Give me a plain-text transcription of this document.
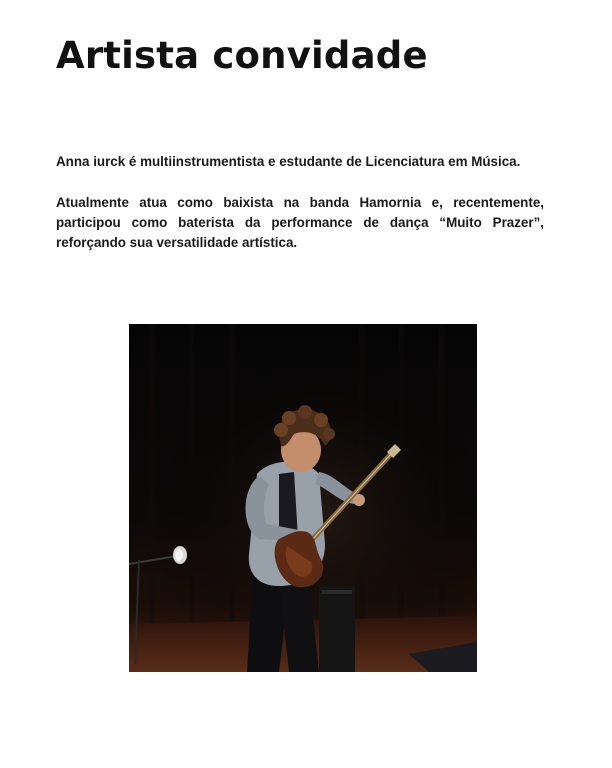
Artista convidade

Anna iurck é multiinstrumentista e estudante de Licenciatura em Música.

Atualmente atua como baixista na banda Hamornia e, recentemente, participou como baterista da performance de dança “Muito Prazer”, reforçando sua versatilidade artística.
